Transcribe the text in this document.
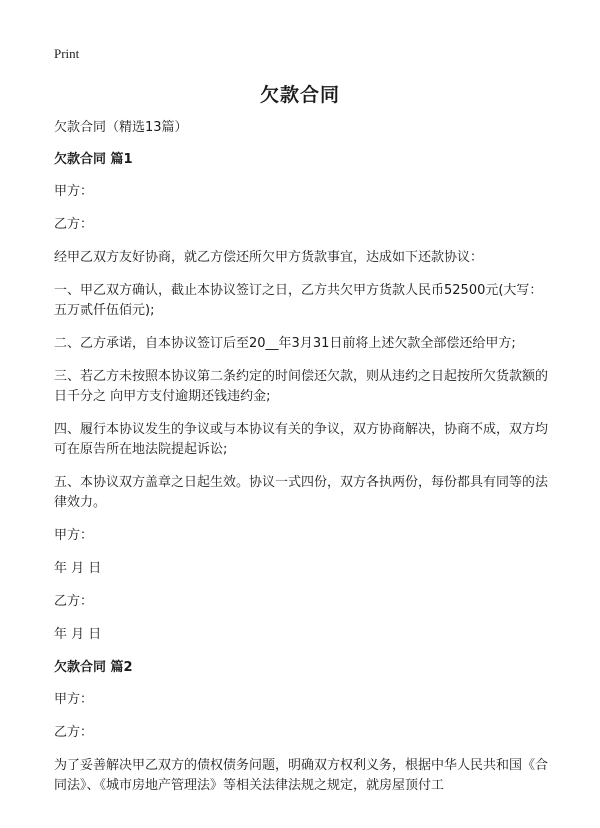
Print
欠款合同

欠款合同（精选13篇）

欠款合同 篇1

甲方：

乙方：

经甲乙双方友好协商，就乙方偿还所欠甲方货款事宜，达成如下还款协议：

一、甲乙双方确认，截止本协议签订之日，乙方共欠甲方货款人民币52500元(大写：五万贰仟伍佰元);

二、乙方承诺，自本协议签订后至20__年3月31日前将上述欠款全部偿还给甲方;

三、若乙方未按照本协议第二条约定的时间偿还欠款，则从违约之日起按所欠货款额的日千分之 向甲方支付逾期还钱违约金;

四、履行本协议发生的争议或与本协议有关的争议，双方协商解决，协商不成，双方均可在原告所在地法院提起诉讼;

五、本协议双方盖章之日起生效。协议一式四份，双方各执两份，每份都具有同等的法律效力。

甲方：

年 月 日

乙方：

年 月 日

欠款合同 篇2

甲方：

乙方：

为了妥善解决甲乙双方的债权债务问题，明确双方权利义务，根据中华人民共和国《合同法》、《城市房地产管理法》等相关法律法规之规定，就房屋顶付工
